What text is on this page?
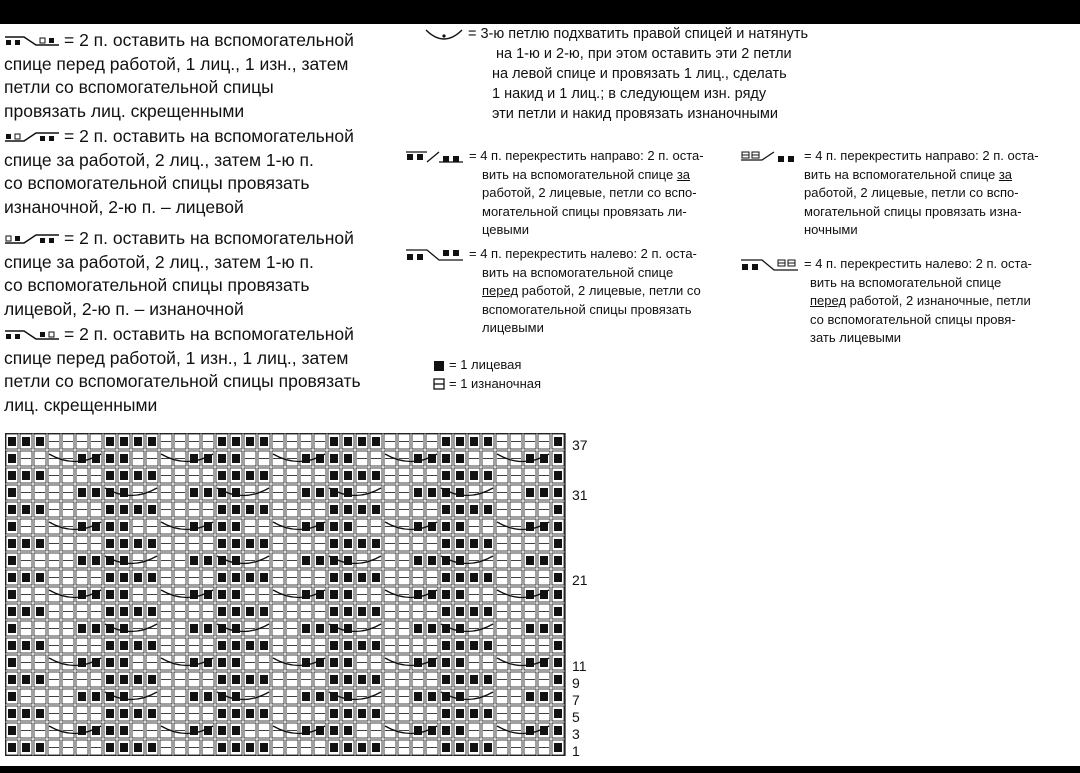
= 2 п. оставить на вспомогательной
спице перед работой, 1 лиц., 1 изн., затем
петли со вспомогательной спицы
провязать лиц. скрещенными
= 2 п. оставить на вспомогательной
спице за работой, 2 лиц., затем 1-ю п.
со вспомогательной спицы провязать
изнаночной, 2-ю п. – лицевой
= 2 п. оставить на вспомогательной
спице за работой, 2 лиц., затем 1-ю п.
со вспомогательной спицы провязать
лицевой, 2-ю п. – изнаночной
= 2 п. оставить на вспомогательной
спице перед работой, 1 изн., 1 лиц., затем
петли со вспомогательной спицы провязать
лиц. скрещенными
= 3-ю петлю подхватить правой спицей и натянуть
на 1-ю и 2-ю, при этом оставить эти 2 петли
на левой спице и провязать 1 лиц., сделать
1 накид и 1 лиц.; в следующем изн. ряду
эти петли и накид провязать изнаночными
= 4 п. перекрестить направо: 2 п. оста-
вить на вспомогательной спице за
работой, 2 лицевые, петли со вспо-
могательной спицы провязать ли-
цевыми
= 4 п. перекрестить налево: 2 п. оста-
вить на вспомогательной спице
перед работой, 2 лицевые, петли со
вспомогательной спицы провязать
лицевыми
= 1 лицевая
= 1 изнаночная
= 4 п. перекрестить направо: 2 п. оста-
вить на вспомогательной спице за
работой, 2 лицевые, петли со вспо-
могательной спицы провязать изна-
ночными
= 4 п. перекрестить налево: 2 п. оста-
вить на вспомогательной спице
перед работой, 2 изнаночные, петли
со вспомогательной спицы провя-
зать лицевыми
37
31
21
11
9
7
5
3
1
